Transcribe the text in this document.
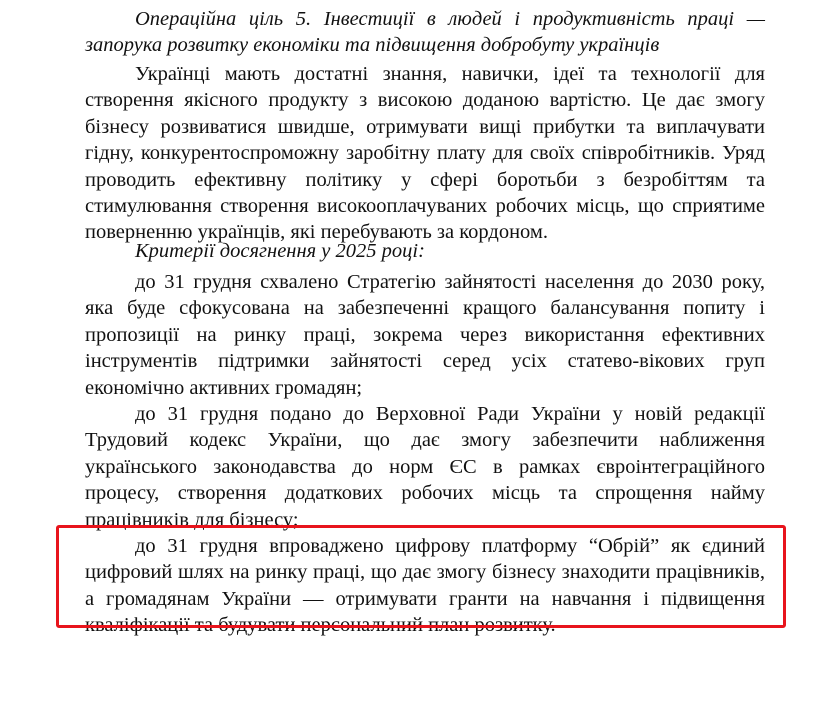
Операційна ціль 5. Інвестиції в людей і продуктивність праці — запорука розвитку економіки та підвищення добробуту українців

Українці мають достатні знання, навички, ідеї та технології для створення якісного продукту з високою доданою вартістю. Це дає змогу бізнесу розвиватися швидше, отримувати вищі прибутки та виплачувати гідну, конкурентоспроможну заробітну плату для своїх співробітників. Уряд проводить ефективну політику у сфері боротьби з безробіттям та стимулювання створення високооплачуваних робочих місць, що сприятиме поверненню українців, які перебувають за кордоном.

Критерії досягнення у 2025 році:

до 31 грудня схвалено Стратегію зайнятості населення до 2030 року, яка буде сфокусована на забезпеченні кращого балансування попиту і пропозиції на ринку праці, зокрема через використання ефективних інструментів підтримки зайнятості серед усіх статево-вікових груп економічно активних громадян;

до 31 грудня подано до Верховної Ради України у новій редакції Трудовий кодекс України, що дає змогу забезпечити наближення українського законодавства до норм ЄС в рамках євроінтеграційного процесу, створення додаткових робочих місць та спрощення найму працівників для бізнесу;

до 31 грудня впроваджено цифрову платформу “Обрій” як єдиний цифровий шлях на ринку праці, що дає змогу бізнесу знаходити працівників, а громадянам України — отримувати гранти на навчання і підвищення кваліфікації та будувати персональний план розвитку.
